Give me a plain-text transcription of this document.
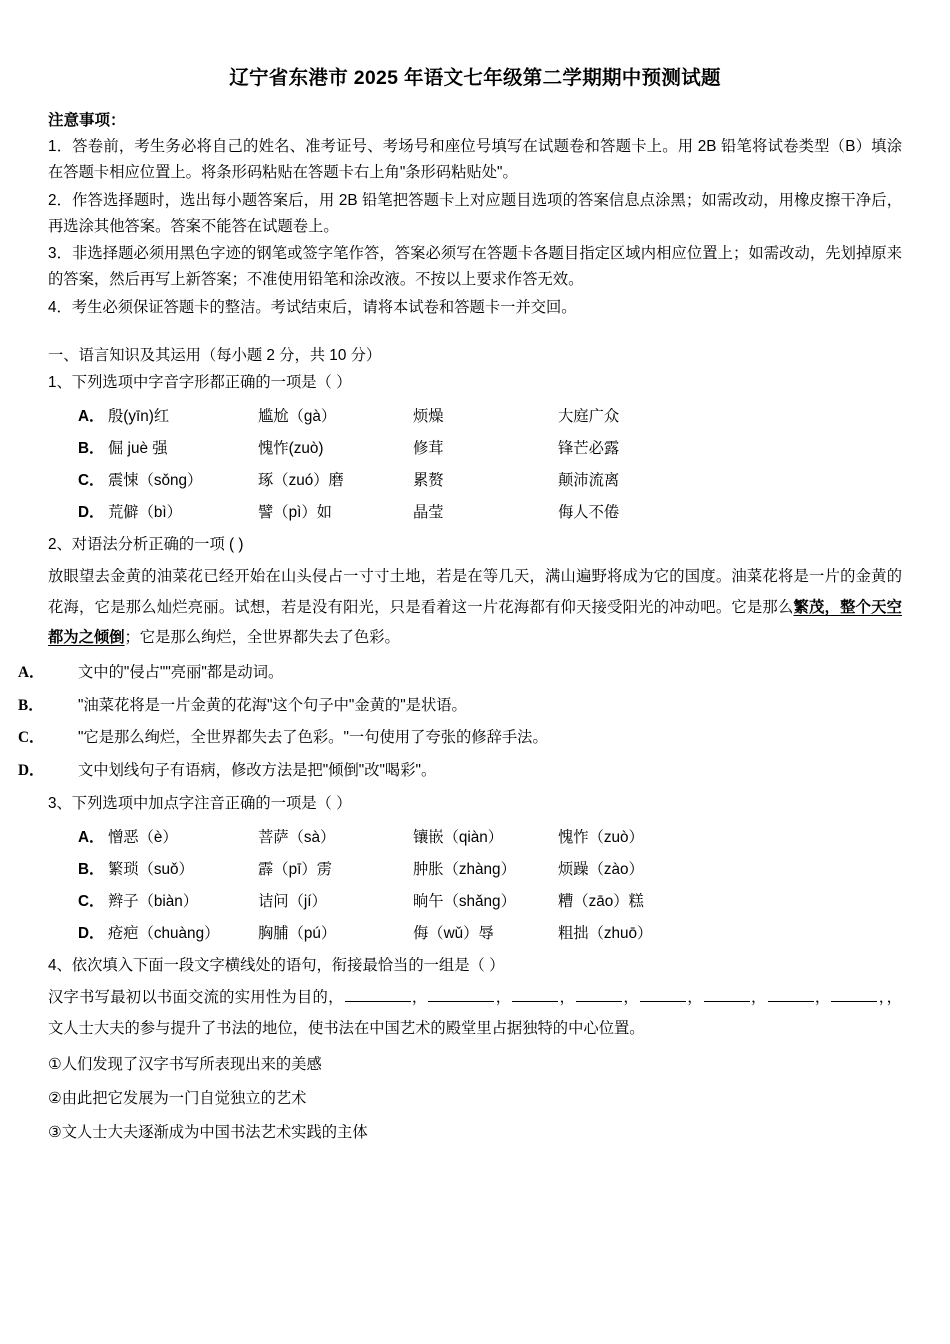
辽宁省东港市 2025 年语文七年级第二学期期中预测试题
注意事项：
1．答卷前，考生务必将自己的姓名、准考证号、考场号和座位号填写在试题卷和答题卡上。用 2B 铅笔将试卷类型（B）填涂在答题卡相应位置上。将条形码粘贴在答题卡右上角"条形码粘贴处"。
2．作答选择题时，选出每小题答案后，用 2B 铅笔把答题卡上对应题目选项的答案信息点涂黑；如需改动，用橡皮擦干净后，再选涂其他答案。答案不能答在试题卷上。
3．非选择题必须用黑色字迹的钢笔或签字笔作答，答案必须写在答题卡各题目指定区域内相应位置上；如需改动，先划掉原来的答案，然后再写上新答案；不准使用铅笔和涂改液。不按以上要求作答无效。
4．考生必须保证答题卡的整洁。考试结束后，请将本试卷和答题卡一并交回。
一、语言知识及其运用（每小题 2 分，共 10 分）
1、下列选项中字音字形都正确的一项是（ ）
A．	殷(yīn)红	尴尬（gà）	烦燥	大庭广众
B．	倔 juè 强	愧怍(zuò)	修茸	锋芒必露
C．	震悚（sǒng）	琢（zuó）磨	累赘	颠沛流离
D．	荒僻（bì）	譬（pì）如	晶莹	侮人不倦
2、对语法分析正确的一项 ( )
放眼望去金黄的油菜花已经开始在山头侵占一寸寸土地，若是在等几天，满山遍野将成为它的国度。油菜花将是一片的金黄的花海，它是那么灿烂亮丽。试想，若是没有阳光，只是看着这一片花海都有仰天接受阳光的冲动吧。它是那么繁茂，整个天空都为之倾倒；它是那么绚烂，全世界都失去了色彩。
A． 文中的"侵占""亮丽"都是动词。
B． "油菜花将是一片金黄的花海"这个句子中"金黄的"是状语。
C． "它是那么绚烂，全世界都失去了色彩。"一句使用了夸张的修辞手法。
D． 文中划线句子有语病，修改方法是把"倾倒"改"喝彩"。
3、下列选项中加点字注音正确的一项是（ ）
A．	憎恶（è）	菩萨（sà）	镶嵌（qiàn）	愧怍（zuò）
B．	繁琐（suǒ）	霹（pī）雳	肿胀（zhàng）	烦躁（zào）
C．	辫子（biàn）	诘问（jí）	晌午（shǎng）	糟（zāo）糕
D．	疮疤（chuàng）	胸脯（pú）	侮（wǔ）辱	粗拙（zhuō）
4、依次填入下面一段文字横线处的语句，衔接最恰当的一组是（ ）
汉字书写最初以书面交流的实用性为目的，	，	，	，	，	，	，	，	，，文人士大夫的参与提升了书法的地位，使书法在中国艺术的殿堂里占据独特的中心位置。
①人们发现了汉字书写所表现出来的美感
②由此把它发展为一门自觉独立的艺术
③文人士大夫逐渐成为中国书法艺术实践的主体
